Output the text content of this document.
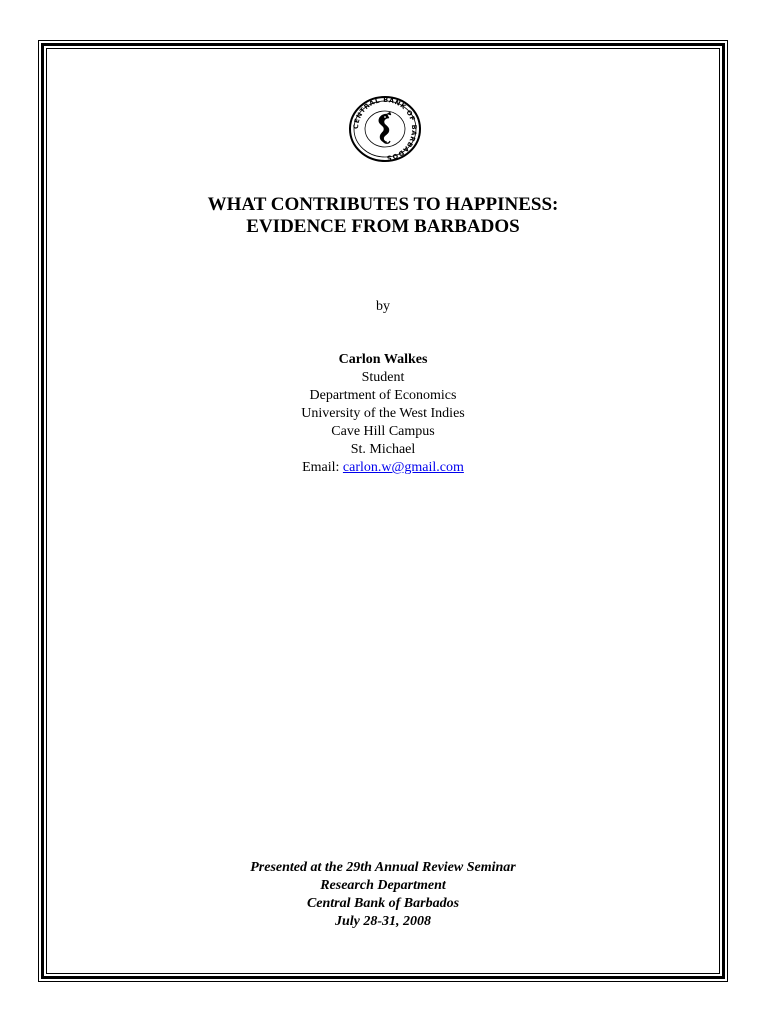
CENTRAL BANK OF BARBADOS
WHAT CONTRIBUTES TO HAPPINESS:
EVIDENCE FROM BARBADOS
by
Carlon Walkes
Student
Department of Economics
University of the West Indies
Cave Hill Campus
St. Michael
Email: carlon.w@gmail.com
Presented at the 29th Annual Review Seminar
Research Department
Central Bank of Barbados
July 28-31, 2008
